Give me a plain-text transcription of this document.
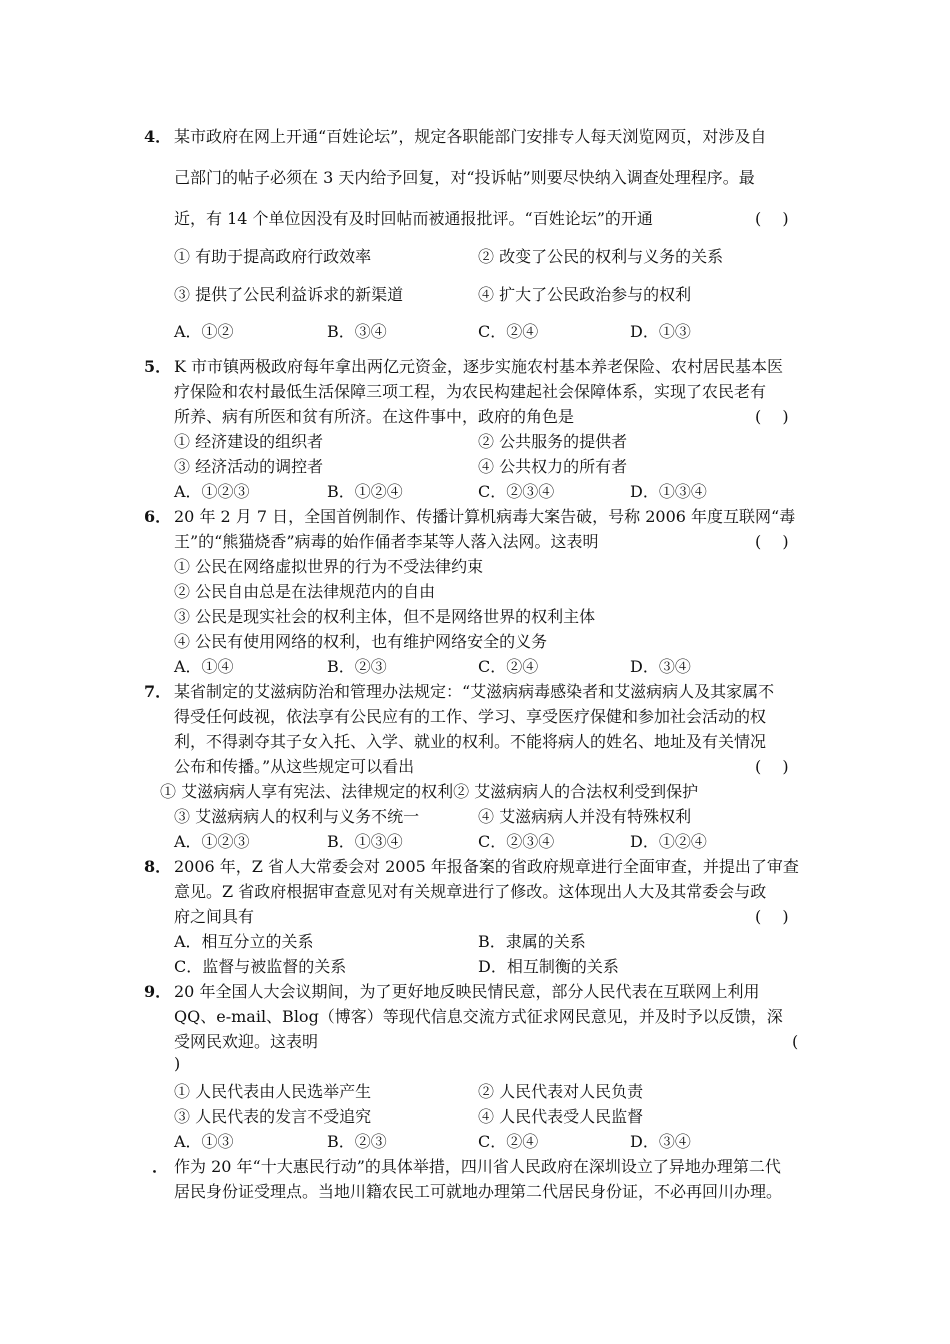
4． 某市政府在网上开通“百姓论坛”，规定各职能部门安排专人每天浏览网页，对涉及自
己部门的帖子必须在 3 天内给予回复，对“投诉帖”则要尽快纳入调查处理程序。最
近，有 14 个单位因没有及时回帖而被通报批评。“百姓论坛”的开通	(　 )
① 有助于提高政府行政效率	② 改变了公民的权利与义务的关系
③ 提供了公民利益诉求的新渠道	④ 扩大了公民政治参与的权利
A．①②	B．③④	C．②④	D．①③
5． K 市市镇两极政府每年拿出两亿元资金，逐步实施农村基本养老保险、农村居民基本医
疗保险和农村最低生活保障三项工程，为农民构建起社会保障体系，实现了农民老有
所养、病有所医和贫有所济。在这件事中，政府的角色是	(　 )
① 经济建设的组织者	② 公共服务的提供者
③ 经济活动的调控者	④ 公共权力的所有者
A．①②③	B．①②④	C．②③④	D．①③④
6． 20 年 2 月 7 日，全国首例制作、传播计算机病毒大案告破，号称 2006 年度互联网“毒
王”的“熊猫烧香”病毒的始作俑者李某等人落入法网。这表明	(　 )
① 公民在网络虚拟世界的行为不受法律约束
② 公民自由总是在法律规范内的自由
③ 公民是现实社会的权利主体，但不是网络世界的权利主体
④ 公民有使用网络的权利，也有维护网络安全的义务
A．①④	B．②③	C．②④	D．③④
7． 某省制定的艾滋病防治和管理办法规定：“艾滋病病毒感染者和艾滋病病人及其家属不
得受任何歧视，依法享有公民应有的工作、学习、享受医疗保健和参加社会活动的权
利，不得剥夺其子女入托、入学、就业的权利。不能将病人的姓名、地址及有关情况
公布和传播。”从这些规定可以看出	(　 )
① 艾滋病病人享有宪法、法律规定的权利② 艾滋病病人的合法权利受到保护
③ 艾滋病病人的权利与义务不统一	④ 艾滋病病人并没有特殊权利
A．①②③	B．①③④	C．②③④	D．①②④
8． 2006 年，Z 省人大常委会对 2005 年报备案的省政府规章进行全面审查，并提出了审查
意见。Z 省政府根据审查意见对有关规章进行了修改。这体现出人大及其常委会与政
府之间具有	(　 )
A．相互分立的关系	B．隶属的关系
C．监督与被监督的关系	D．相互制衡的关系
9． 20 年全国人大会议期间，为了更好地反映民情民意，部分人民代表在互联网上利用
QQ、e-mail、Blog（博客）等现代信息交流方式征求网民意见，并及时予以反馈，深
受网民欢迎。这表明	(
)
① 人民代表由人民选举产生	② 人民代表对人民负责
③ 人民代表的发言不受追究	④ 人民代表受人民监督
A．①③	B．②③	C．②④	D．③④
． 作为 20 年“十大惠民行动”的具体举措，四川省人民政府在深圳设立了异地办理第二代
居民身份证受理点。当地川籍农民工可就地办理第二代居民身份证，不必再回川办理。
